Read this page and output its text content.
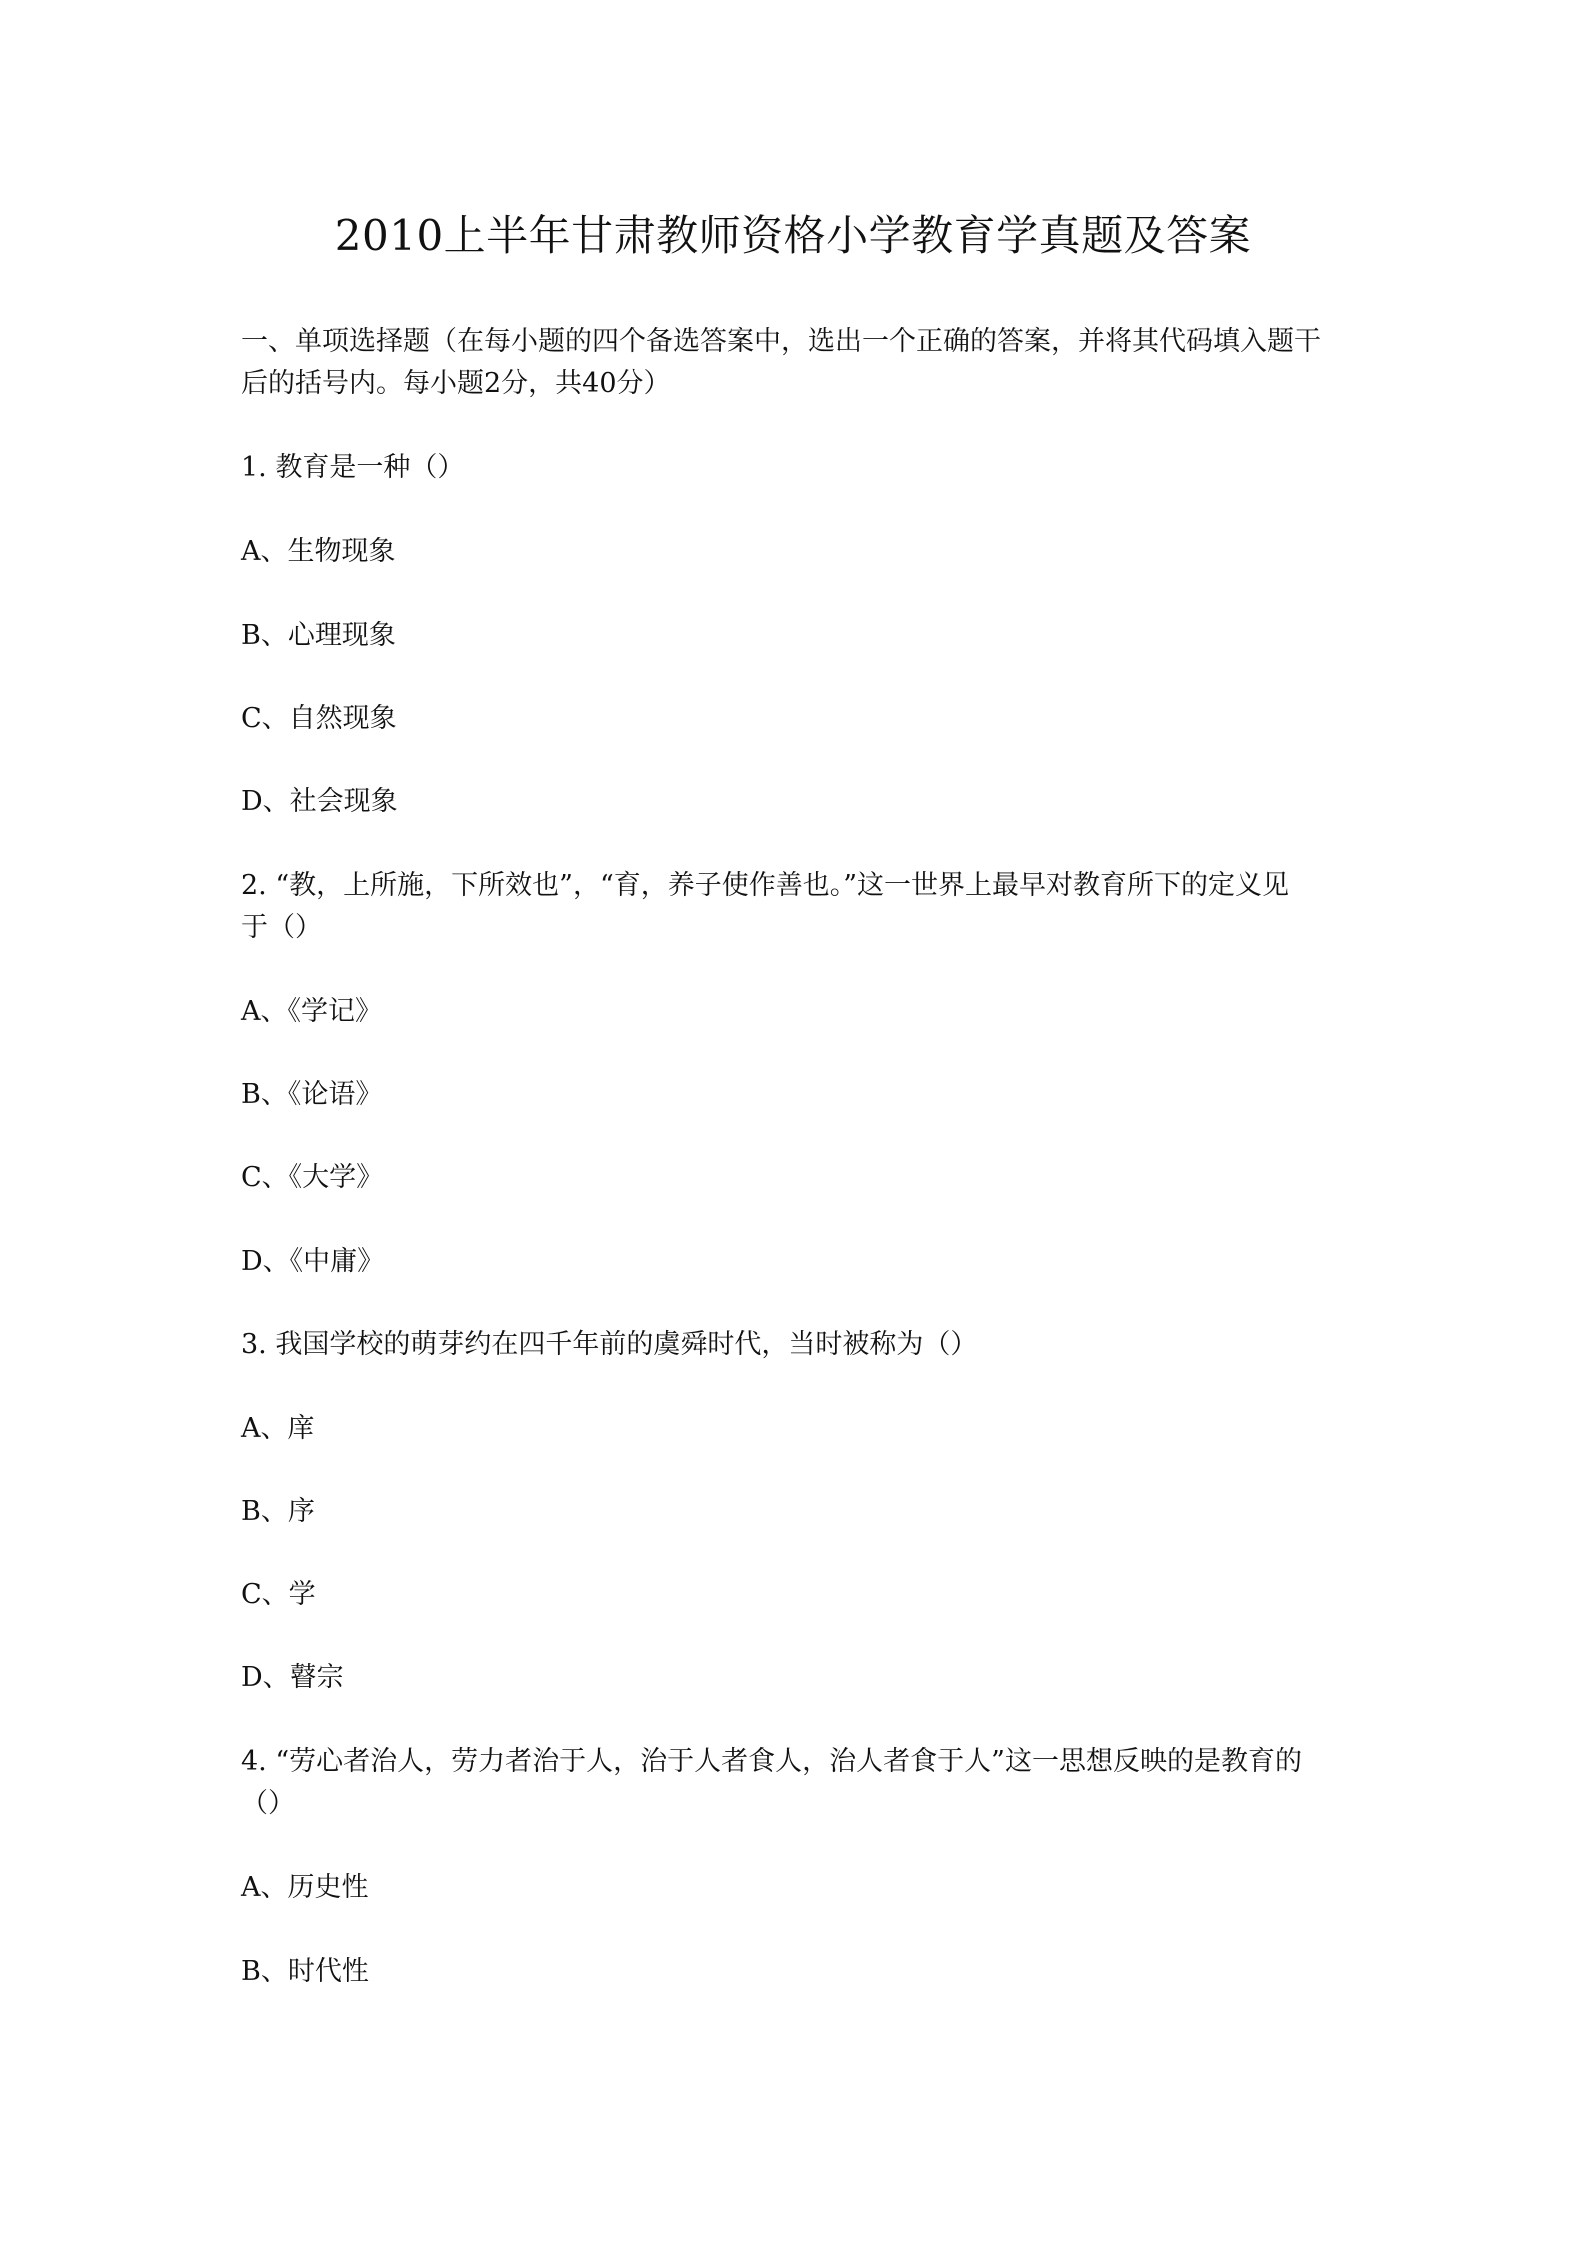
2010上半年甘肃教师资格小学教育学真题及答案
一、单项选择题（在每小题的四个备选答案中，选出一个正确的答案，并将其代码填入题干
后的括号内。每小题2分，共40分）
1. 教育是一种（）
A、生物现象
B、心理现象
C、自然现象
D、社会现象
2. “教，上所施，下所效也”，“育，养子使作善也。”这一世界上最早对教育所下的定义见
于（）
A、《学记》
B、《论语》
C、《大学》
D、《中庸》
3. 我国学校的萌芽约在四千年前的虞舜时代，当时被称为（）
A、庠
B、序
C、学
D、瞽宗
4. “劳心者治人，劳力者治于人，治于人者食人，治人者食于人”这一思想反映的是教育的
（）
A、历史性
B、时代性
